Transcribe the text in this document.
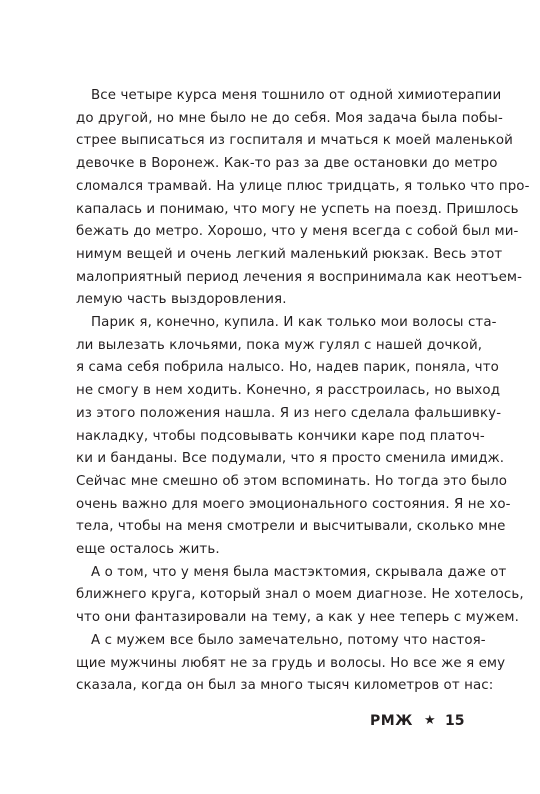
Все четыре курса меня тошнило от одной химиотерапии
до другой, но мне было не до себя. Моя задача была побы-
стрее выписаться из госпиталя и мчаться к моей маленькой
девочке в Воронеж. Как-то раз за две остановки до метро
сломался трамвай. На улице плюс тридцать, я только что про-
капалась и понимаю, что могу не успеть на поезд. Пришлось
бежать до метро. Хорошо, что у меня всегда с собой был ми-
нимум вещей и очень легкий маленький рюкзак. Весь этот
малоприятный период лечения я воспринимала как неотъем-
лемую часть выздоровления.
Парик я, конечно, купила. И как только мои волосы ста-
ли вылезать клочьями, пока муж гулял с нашей дочкой,
я сама себя побрила налысо. Но, надев парик, поняла, что
не смогу в нем ходить. Конечно, я расстроилась, но выход
из этого положения нашла. Я из него сделала фальшивку-
накладку, чтобы подсовывать кончики каре под платоч-
ки и банданы. Все подумали, что я просто сменила имидж.
Сейчас мне смешно об этом вспоминать. Но тогда это было
очень важно для моего эмоционального состояния. Я не хо-
тела, чтобы на меня смотрели и высчитывали, сколько мне
еще осталось жить.
А о том, что у меня была мастэктомия, скрывала даже от
ближнего круга, который знал о моем диагнозе. Не хотелось,
что они фантазировали на тему, а как у нее теперь с мужем.
А с мужем все было замечательно, потому что настоя-
щие мужчины любят не за грудь и волосы. Но все же я ему
сказала, когда он был за много тысяч километров от нас:
РМЖ ★ 15
